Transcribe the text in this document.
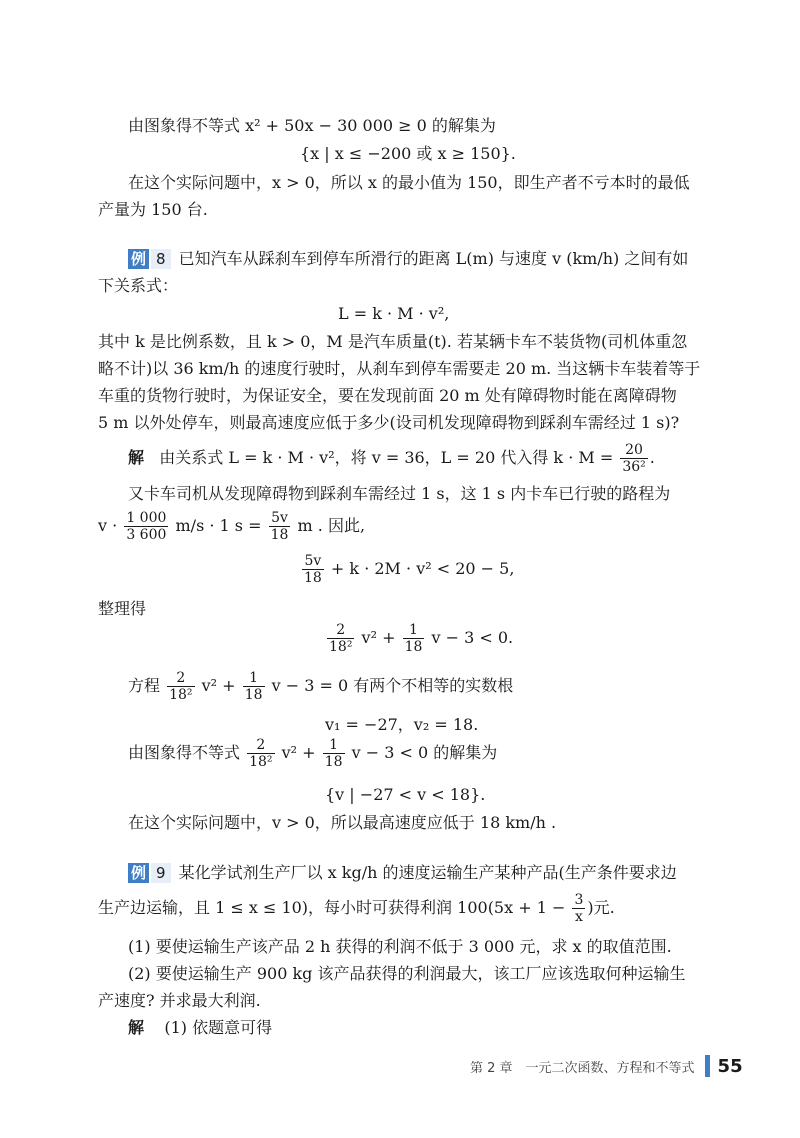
由图象得不等式 x² + 50x − 30 000 ≥ 0 的解集为
{x | x ≤ −200 或 x ≥ 150}.
在这个实际问题中，x > 0，所以 x 的最小值为 150，即生产者不亏本时的最低
产量为 150 台.
例 8 已知汽车从踩刹车到停车所滑行的距离 L(m) 与速度 v (km/h) 之间有如
下关系式：
L = k · M · v²,
其中 k 是比例系数，且 k > 0，M 是汽车质量(t). 若某辆卡车不装货物(司机体重忽
略不计)以 36 km/h 的速度行驶时，从刹车到停车需要走 20 m. 当这辆卡车装着等于
车重的货物行驶时，为保证安全，要在发现前面 20 m 处有障碍物时能在离障碍物
5 m 以外处停车，则最高速度应低于多少(设司机发现障碍物到踩刹车需经过 1 s)?
解 由关系式 L = k · M · v²，将 v = 36，L = 20 代入得 $k \cdot M = \frac{20}{\text{36²}}$ .
又卡车司机从发现障碍物到踩刹车需经过 1 s，这 1 s 内卡车已行驶的路程为
$v \cdot \frac{1 000}{3 600} m/s \cdot 1$ $s = \frac{5v}{18}$ m . 因此,
$\frac{5v}{18} + k \cdot 2M \cdot v^2 < 20 - 5$,
整理得
$\frac{2}{\text{18²}} v^2 + \frac{1}{18}$ v − 3 < 0.
方程 $\frac{2}{\text{18²}} v^2 + \frac{1}{18}$ v − 3 = 0 有两个不相等的实数根
v₁ = −27，v₂ = 18.
由图象得不等式 $\frac{2}{\text{18²}} v^2 + \frac{1}{18}$ v − 3 < 0 的解集为
{v | −27 < v < 18}.
在这个实际问题中，v > 0，所以最高速度应低于 18 km/h .
例 9 某化学试剂生产厂以 x kg/h 的速度运输生产某种产品(生产条件要求边
生产边运输，且 1 ≤ x ≤ 10)，每小时可获得利润 $100(5x + 1 - \frac{3}{x}$ )元.
(1) 要使运输生产该产品 2 h 获得的利润不低于 3 000 元，求 x 的取值范围.
(2) 要使运输生产 900 kg 该产品获得的利润最大，该工厂应该选取何种运输生
产速度? 并求最大利润.
解 (1) 依题意可得
第 2 章　一元二次函数、方程和不等式 55
